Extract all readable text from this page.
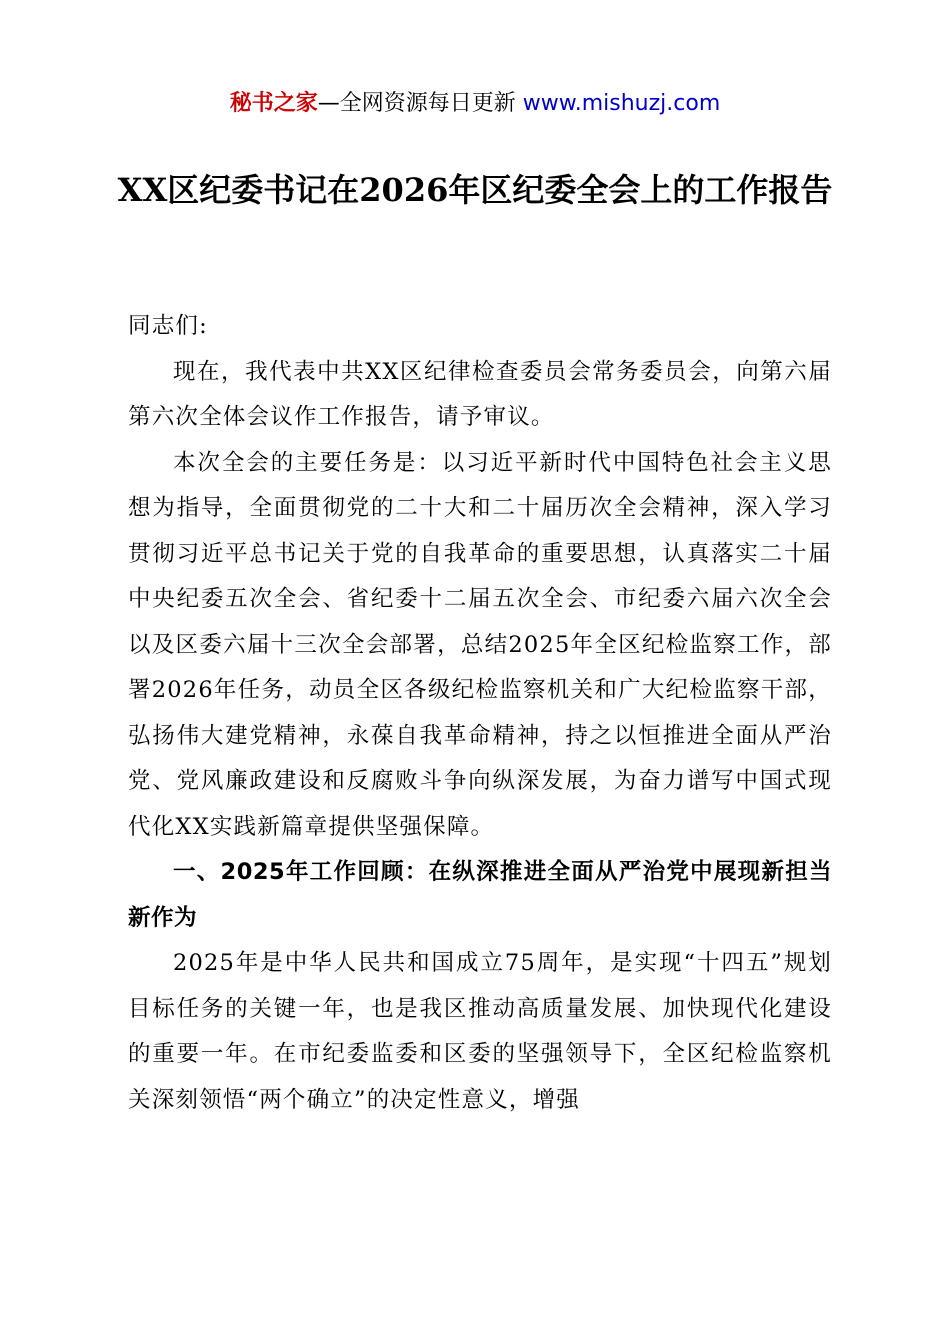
秘书之家—全网资源每日更新 www.mishuzj.com
XX区纪委书记在2026年区纪委全会上的工作报告

同志们:

现在，我代表中共XX区纪律检查委员会常务委员会，向第六届第六次全体会议作工作报告，请予审议。

本次全会的主要任务是：以习近平新时代中国特色社会主义思想为指导，全面贯彻党的二十大和二十届历次全会精神，深入学习贯彻习近平总书记关于党的自我革命的重要思想，认真落实二十届中央纪委五次全会、省纪委十二届五次全会、市纪委六届六次全会以及区委六届十三次全会部署，总结2025年全区纪检监察工作，部署2026年任务，动员全区各级纪检监察机关和广大纪检监察干部，弘扬伟大建党精神，永葆自我革命精神，持之以恒推进全面从严治党、党风廉政建设和反腐败斗争向纵深发展，为奋力谱写中国式现代化XX实践新篇章提供坚强保障。

一、2025年工作回顾：在纵深推进全面从严治党中展现新担当新作为

2025年是中华人民共和国成立75周年，是实现“十四五”规划目标任务的关键一年，也是我区推动高质量发展、加快现代化建设的重要一年。在市纪委监委和区委的坚强领导下，全区纪检监察机关深刻领悟“两个确立”的决定性意义，增强
